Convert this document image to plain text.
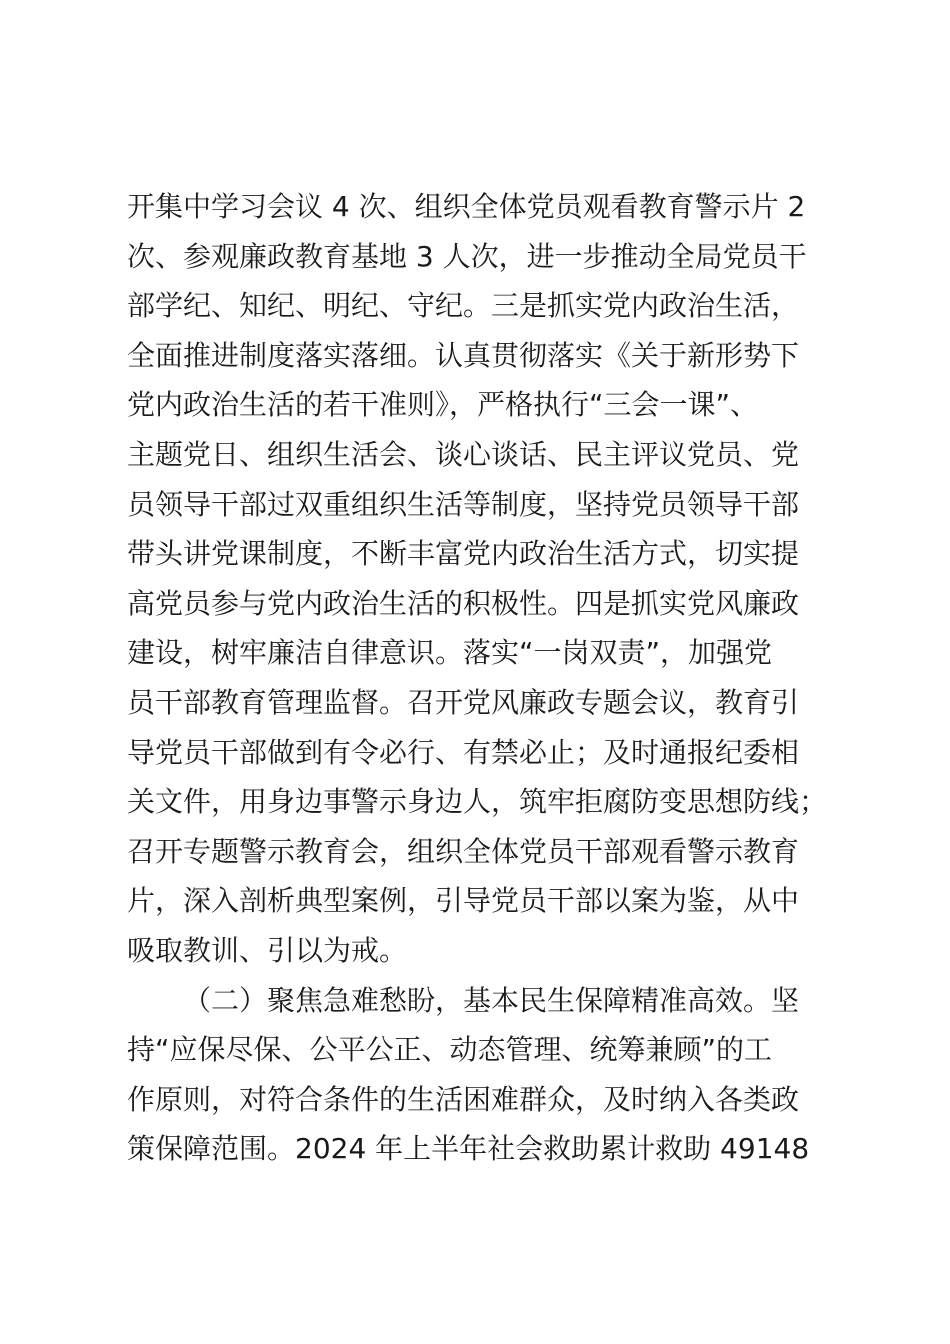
开集中学习会议 4 次、组织全体党员观看教育警示片 2
次、参观廉政教育基地 3 人次，进一步推动全局党员干
部学纪、知纪、明纪、守纪。三是抓实党内政治生活，
全面推进制度落实落细。认真贯彻落实《关于新形势下
党内政治生活的若干准则》，严格执行“三会一课”、
主题党日、组织生活会、谈心谈话、民主评议党员、党
员领导干部过双重组织生活等制度，坚持党员领导干部
带头讲党课制度，不断丰富党内政治生活方式，切实提
高党员参与党内政治生活的积极性。四是抓实党风廉政
建设，树牢廉洁自律意识。落实“一岗双责”，加强党
员干部教育管理监督。召开党风廉政专题会议，教育引
导党员干部做到有令必行、有禁必止；及时通报纪委相
关文件，用身边事警示身边人，筑牢拒腐防变思想防线；
召开专题警示教育会，组织全体党员干部观看警示教育
片，深入剖析典型案例，引导党员干部以案为鉴，从中
吸取教训、引以为戒。
（二）聚焦急难愁盼，基本民生保障精准高效。坚
持“应保尽保、公平公正、动态管理、统筹兼顾”的工
作原则，对符合条件的生活困难群众，及时纳入各类政
策保障范围。2024 年上半年社会救助累计救助 49148
